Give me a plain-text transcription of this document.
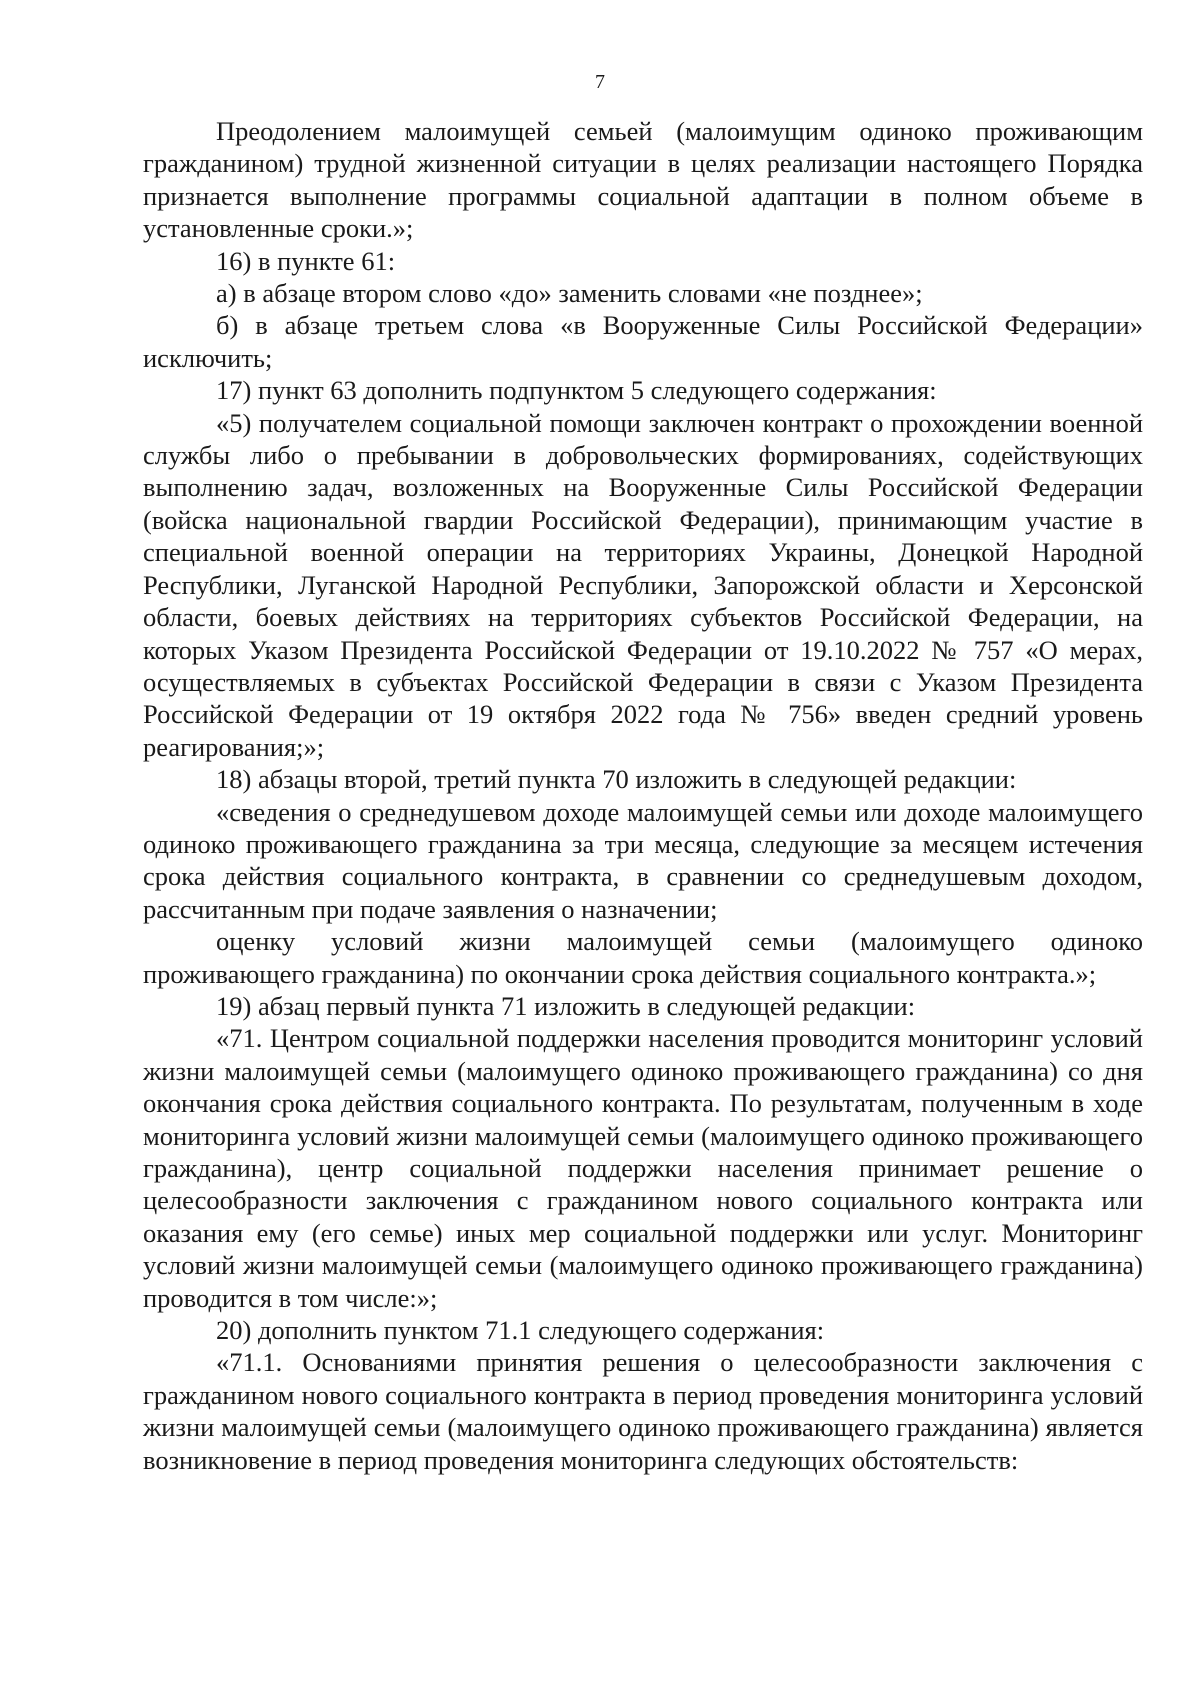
7

Преодолением малоимущей семьей (малоимущим одиноко проживающим гражданином) трудной жизненной ситуации в целях реализации настоящего Порядка признается выполнение программы социальной адаптации в полном объеме в установленные сроки.»;

16) в пункте 61:

а) в абзаце втором слово «до» заменить словами «не позднее»;

б) в абзаце третьем слова «в Вооруженные Силы Российской Федерации» исключить;

17) пункт 63 дополнить подпунктом 5 следующего содержания:

«5) получателем социальной помощи заключен контракт о прохождении военной службы либо о пребывании в добровольческих формированиях, содействующих выполнению задач, возложенных на Вооруженные Силы Российской Федерации (войска национальной гвардии Российской Федерации), принимающим участие в специальной военной операции на территориях Украины, Донецкой Народной Республики, Луганской Народной Республики, Запорожской области и Херсонской области, боевых действиях на территориях субъектов Российской Федерации, на которых Указом Президента Российской Федерации от 19.10.2022 № 757 «О мерах, осуществляемых в субъектах Российской Федерации в связи с Указом Президента Российской Федерации от 19 октября 2022 года № 756» введен средний уровень реагирования;»;

18) абзацы второй, третий пункта 70 изложить в следующей редакции:

«сведения о среднедушевом доходе малоимущей семьи или доходе малоимущего одиноко проживающего гражданина за три месяца, следующие за месяцем истечения срока действия социального контракта, в сравнении со среднедушевым доходом, рассчитанным при подаче заявления о назначении;

оценку условий жизни малоимущей семьи (малоимущего одиноко проживающего гражданина) по окончании срока действия социального контракта.»;

19) абзац первый пункта 71 изложить в следующей редакции:

«71. Центром социальной поддержки населения проводится мониторинг условий жизни малоимущей семьи (малоимущего одиноко проживающего гражданина) со дня окончания срока действия социального контракта. По результатам, полученным в ходе мониторинга условий жизни малоимущей семьи (малоимущего одиноко проживающего гражданина), центр социальной поддержки населения принимает решение о целесообразности заключения с гражданином нового социального контракта или оказания ему (его семье) иных мер социальной поддержки или услуг. Мониторинг условий жизни малоимущей семьи (малоимущего одиноко проживающего гражданина) проводится в том числе:»;

20) дополнить пунктом 71.1 следующего содержания:

«71.1. Основаниями принятия решения о целесообразности заключения с гражданином нового социального контракта в период проведения мониторинга условий жизни малоимущей семьи (малоимущего одиноко проживающего гражданина) является возникновение в период проведения мониторинга следующих обстоятельств:
